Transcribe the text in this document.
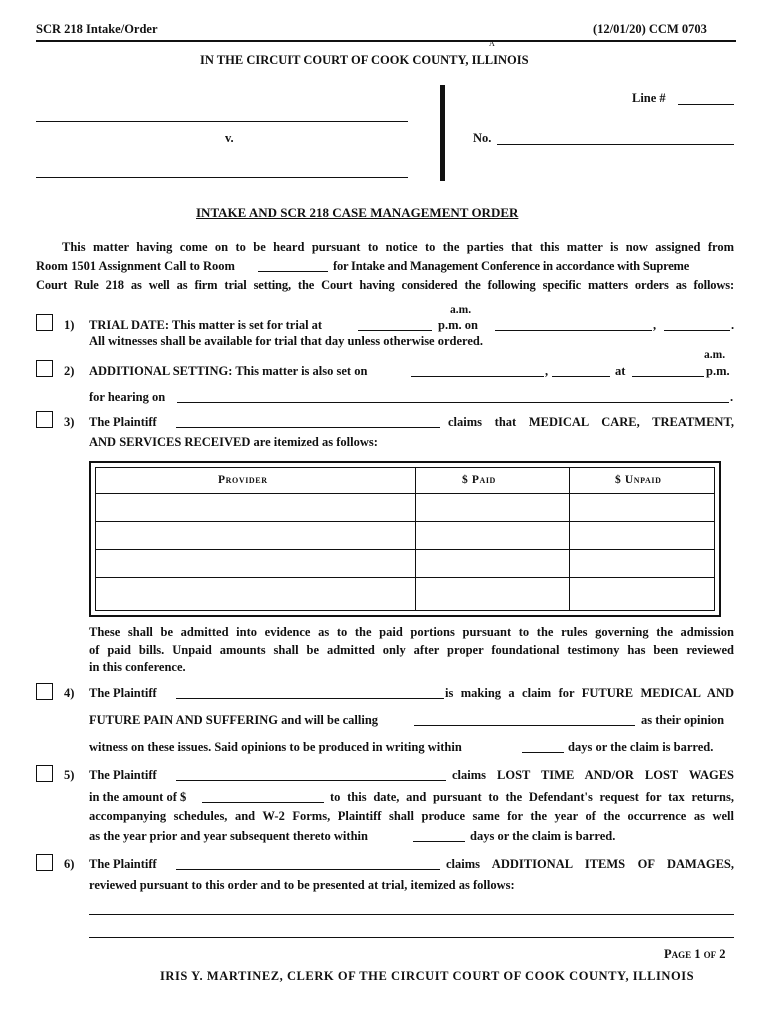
SCR 218 Intake/Order	(12/01/20) CCM 0703
A
IN THE CIRCUIT COURT OF COOK COUNTY, ILLINOIS
v.
Line #
No.
INTAKE AND SCR 218 CASE MANAGEMENT ORDER
This matter having come on to be heard pursuant to notice to the parties that this matter is now assigned from
Room 1501 Assignment Call to Room	for Intake and Management Conference in accordance with Supreme
Court Rule 218 as well as firm trial setting, the Court having considered the following specific matters orders as follows:
1)
a.m.
TRIAL DATE: This matter is set for trial at	p.m. on	,	.
All witnesses shall be available for trial that day unless otherwise ordered.
2)
a.m.
ADDITIONAL SETTING: This matter is also set on	,	at	p.m.
for hearing on	.
3) The Plaintiff	claims that MEDICAL CARE, TREATMENT,
AND SERVICES RECEIVED are itemized as follows:
Provider	$ Paid	$ Unpaid
These shall be admitted into evidence as to the paid portions pursuant to the rules governing the admission
of paid bills. Unpaid amounts shall be admitted only after proper foundational testimony has been reviewed
in this conference.
4) The Plaintiff	is making a claim for FUTURE MEDICAL AND
FUTURE PAIN AND SUFFERING and will be calling	as their opinion
witness on these issues. Said opinions to be produced in writing within	days or the claim is barred.
5) The Plaintiff	claims LOST TIME AND/OR LOST WAGES
in the amount of $	to this date, and pursuant to the Defendant's request for tax returns,
accompanying schedules, and W-2 Forms, Plaintiff shall produce same for the year of the occurrence as well
as the year prior and year subsequent thereto within	days or the claim is barred.
6) The Plaintiff	claims ADDITIONAL ITEMS OF DAMAGES,
reviewed pursuant to this order and to be presented at trial, itemized as follows:
Page 1 of 2
IRIS Y. MARTINEZ, CLERK OF THE CIRCUIT COURT OF COOK COUNTY, ILLINOIS
